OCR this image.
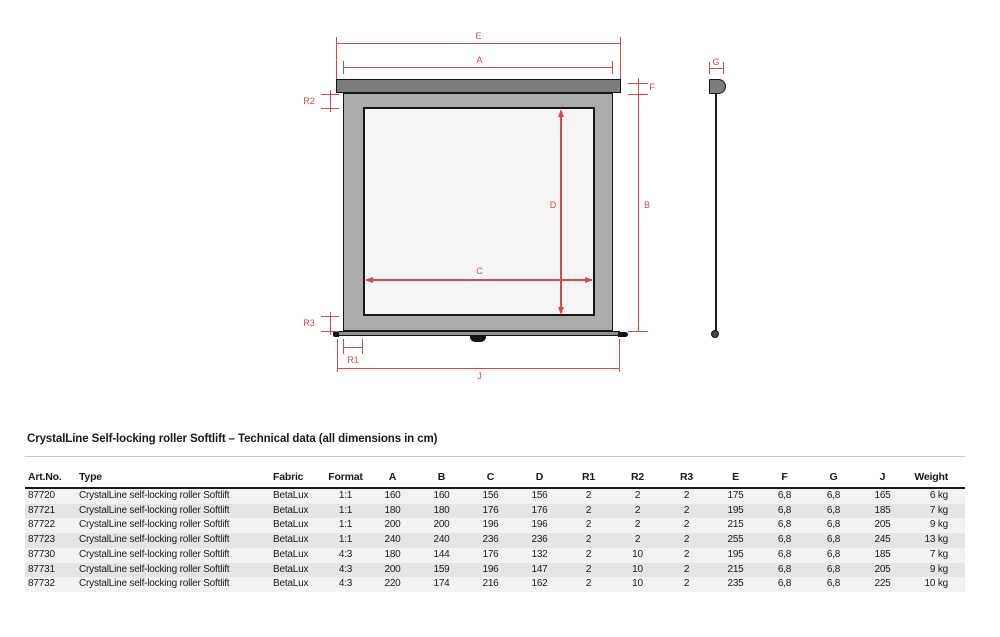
E
A
F
B
R2
R3
R1
J
C
D
G
CrystalLine Self-locking roller Softlift – Technical data (all dimensions in cm)
Art.No.	Type	Fabric	Format	A	B	C	D	R1	R2	R3	E	F	G	J	Weight
87720	CrystalLine self-locking roller Softlift	BetaLux	1:1	160	160	156	156	2	2	2	175	6,8	6,8	165	6 kg
87721	CrystalLine self-locking roller Softlift	BetaLux	1:1	180	180	176	176	2	2	2	195	6,8	6,8	185	7 kg
87722	CrystalLine self-locking roller Softlift	BetaLux	1:1	200	200	196	196	2	2	2	215	6,8	6,8	205	9 kg
87723	CrystalLine self-locking roller Softlift	BetaLux	1:1	240	240	236	236	2	2	2	255	6,8	6,8	245	13 kg
87730	CrystalLine self-locking roller Softlift	BetaLux	4:3	180	144	176	132	2	10	2	195	6,8	6,8	185	7 kg
87731	CrystalLine self-locking roller Softlift	BetaLux	4:3	200	159	196	147	2	10	2	215	6,8	6,8	205	9 kg
87732	CrystalLine self-locking roller Softlift	BetaLux	4:3	220	174	216	162	2	10	2	235	6,8	6,8	225	10 kg
